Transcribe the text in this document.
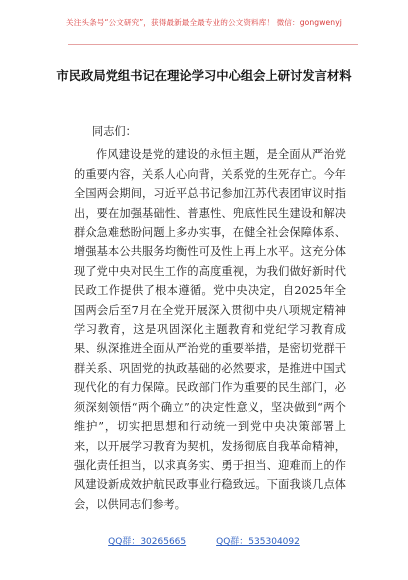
关注头条号“公文研究”，获得最新最全最专业的公文资料库！ 微信：gongwenyj
市民政局党组书记在理论学习中心组会上研讨发言材料

同志们：

作风建设是党的建设的永恒主题，是全面从严治党的重要内容，关系人心向背，关系党的生死存亡。今年全国两会期间，习近平总书记参加江苏代表团审议时指出，要在加强基础性、普惠性、兜底性民生建设和解决群众急难愁盼问题上多办实事，在健全社会保障体系、增强基本公共服务均衡性可及性上再上水平。这充分体现了党中央对民生工作的高度重视，为我们做好新时代民政工作提供了根本遵循。党中央决定，自2025年全国两会后至7月在全党开展深入贯彻中央八项规定精神学习教育，这是巩固深化主题教育和党纪学习教育成果、纵深推进全面从严治党的重要举措，是密切党群干群关系、巩固党的执政基础的必然要求，是推进中国式现代化的有力保障。民政部门作为重要的民生部门，必须深刻领悟“两个确立”的决定性意义，坚决做到“两个维护”，切实把思想和行动统一到党中央决策部署上来，以开展学习教育为契机，发扬彻底自我革命精神，强化责任担当，以求真务实、勇于担当、迎难而上的作风建设新成效护航民政事业行稳致远。下面我谈几点体会，以供同志们参考。

QQ群：30265665	QQ群：535304092
